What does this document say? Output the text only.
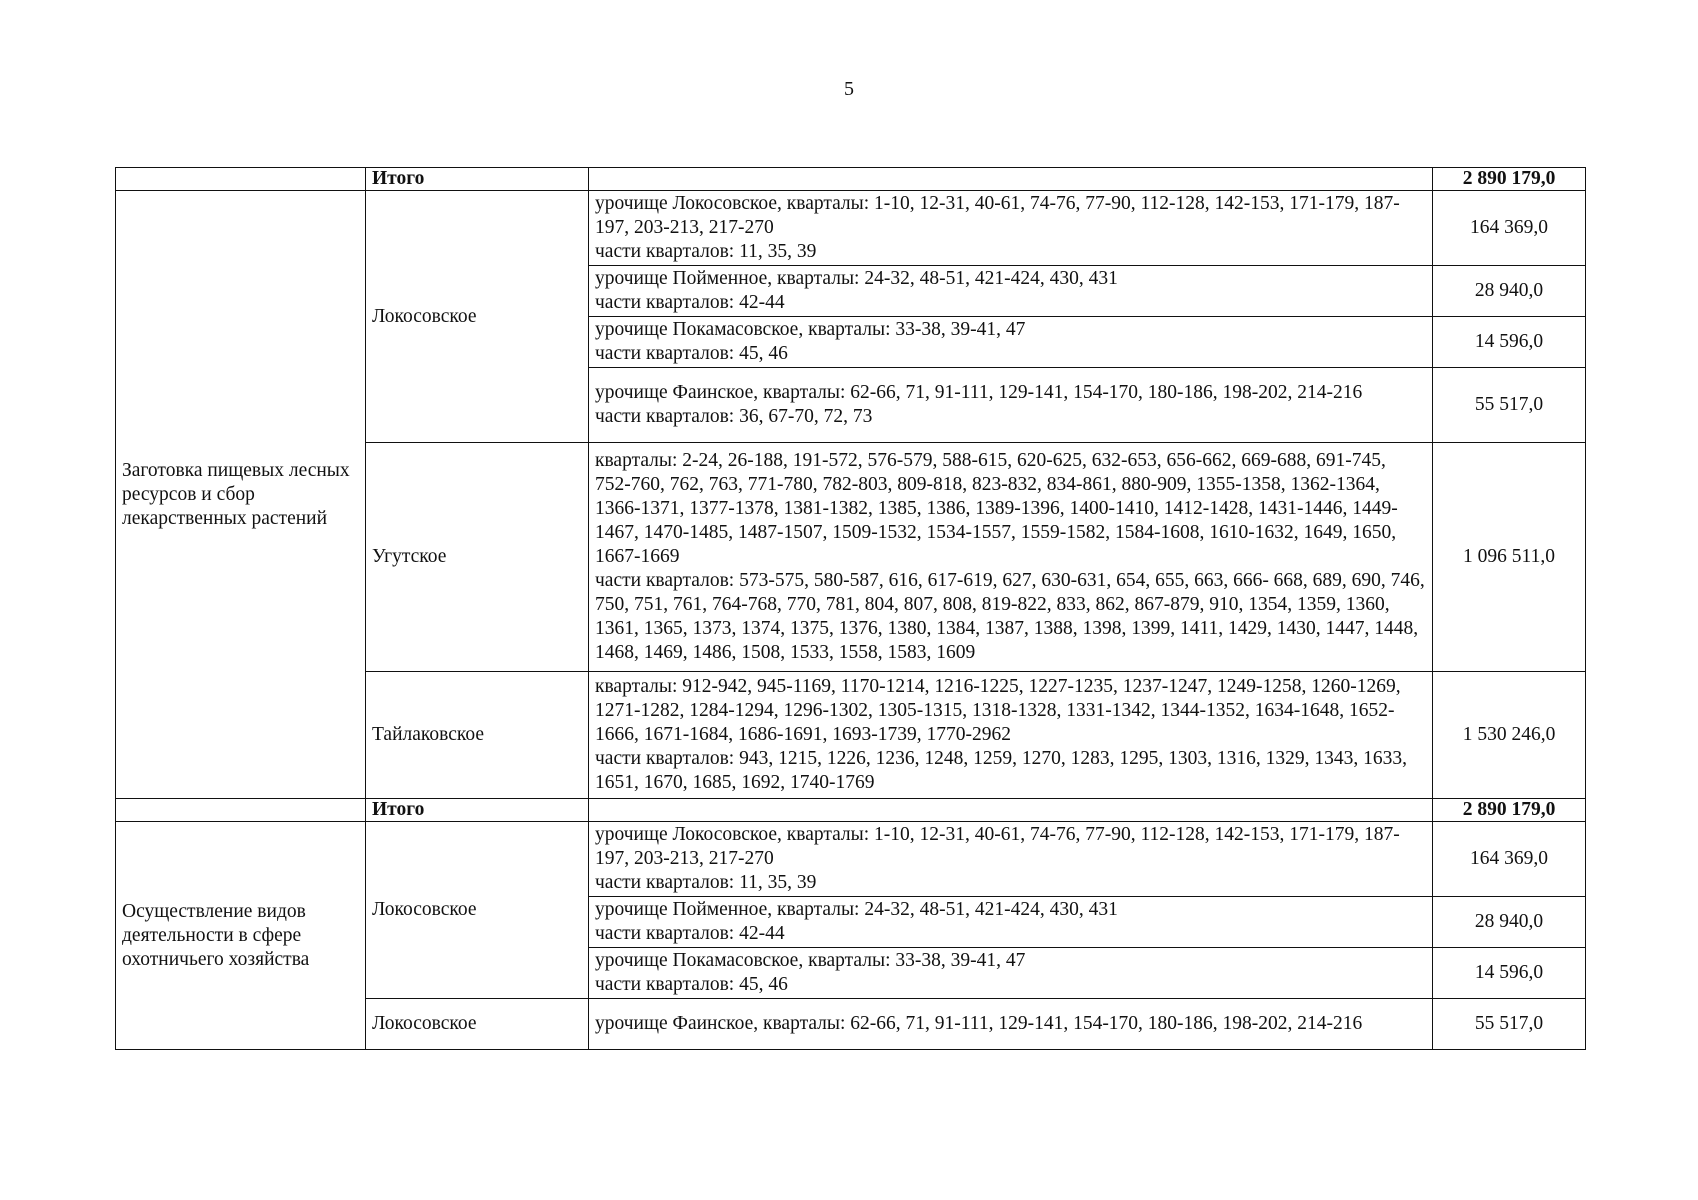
5
	Итого		2 890 179,0
Заготовка пищевых лесных ресурсов и сбор лекарственных растений	Локосовское	урочище Локосовское, кварталы: 1-10, 12-31, 40-61, 74-76, 77-90, 112-128, 142-153, 171-179, 187-197, 203-213, 217-270
части кварталов: 11, 35, 39	164 369,0

		урочище Пойменное, кварталы: 24-32, 48-51, 421-424, 430, 431
части кварталов: 42-44	28 940,0

		урочище Покамасовское, кварталы: 33-38, 39-41, 47
части кварталов: 45, 46	14 596,0

		урочище Фаинское, кварталы: 62-66, 71, 91-111, 129-141, 154-170, 180-186, 198-202, 214-216
части кварталов: 36, 67-70, 72, 73	55 517,0
	Угутское	кварталы: 2-24, 26-188, 191-572, 576-579, 588-615, 620-625, 632-653, 656-662, 669-688, 691-745, 752-760, 762, 763, 771-780, 782-803, 809-818, 823-832, 834-861, 880-909, 1355-1358, 1362-1364, 1366-1371, 1377-1378, 1381-1382, 1385, 1386, 1389-1396, 1400-1410, 1412-1428, 1431-1446, 1449-1467, 1470-1485, 1487-1507, 1509-1532, 1534-1557, 1559-1582, 1584-1608, 1610-1632, 1649, 1650, 1667-1669
части кварталов: 573-575, 580-587, 616, 617-619, 627, 630-631, 654, 655, 663, 666- 668, 689, 690, 746, 750, 751, 761, 764-768, 770, 781, 804, 807, 808, 819-822, 833, 862, 867-879, 910, 1354, 1359, 1360, 1361, 1365, 1373, 1374, 1375, 1376, 1380, 1384, 1387, 1388, 1398, 1399, 1411, 1429, 1430, 1447, 1448, 1468, 1469, 1486, 1508, 1533, 1558, 1583, 1609	1 096 511,0
	Тайлаковское	кварталы: 912-942, 945-1169, 1170-1214, 1216-1225, 1227-1235, 1237-1247, 1249-1258, 1260-1269, 1271-1282, 1284-1294, 1296-1302, 1305-1315, 1318-1328, 1331-1342, 1344-1352, 1634-1648, 1652-1666, 1671-1684, 1686-1691, 1693-1739, 1770-2962
части кварталов: 943, 1215, 1226, 1236, 1248, 1259, 1270, 1283, 1295, 1303, 1316, 1329, 1343, 1633, 1651, 1670, 1685, 1692, 1740-1769	1 530 246,0
	Итого		2 890 179,0
Осуществление видов деятельности в сфере охотничьего хозяйства	Локосовское	урочище Локосовское, кварталы: 1-10, 12-31, 40-61, 74-76, 77-90, 112-128, 142-153, 171-179, 187-197, 203-213, 217-270
части кварталов: 11, 35, 39	164 369,0

		урочище Пойменное, кварталы: 24-32, 48-51, 421-424, 430, 431
части кварталов: 42-44	28 940,0

		урочище Покамасовское, кварталы: 33-38, 39-41, 47
части кварталов: 45, 46	14 596,0
	Локосовское	урочище Фаинское, кварталы: 62-66, 71, 91-111, 129-141, 154-170, 180-186, 198-202, 214-216	55 517,0
